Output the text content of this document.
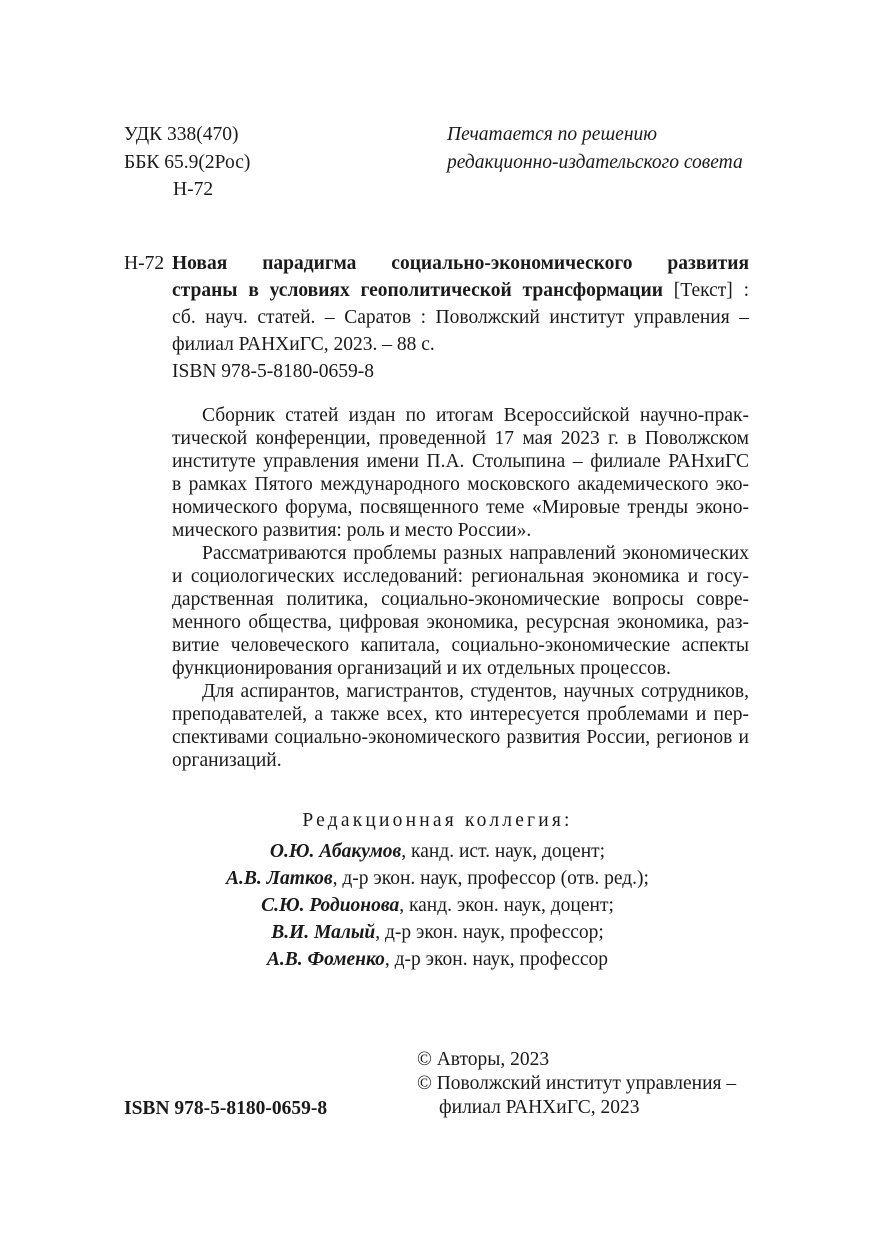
УДК 338(470)
ББК 65.9(2Рос)
Н-72
Печатается по решению
редакционно-издательского совета
Н-72 Новая парадигма социально-экономического развития

страны в условиях геополитической трансформации [Текст] :

сб. науч. статей. – Саратов : Поволжский институт управления –

филиал РАНХиГС, 2023. – 88 с.

ISBN 978-5-8180-0659-8

Сборник статей издан по итогам Всероссийской научно-прак-
тической конференции, проведенной 17 мая 2023 г. в Поволжском
институте управления имени П.А. Столыпина – филиале РАНхиГС
в рамках Пятого международного московского академического эко-
номического форума, посвященного теме «Мировые тренды эконо-
мического развития: роль и место России».
Рассматриваются проблемы разных направлений экономических
и социологических исследований: региональная экономика и госу-
дарственная политика, социально-экономические вопросы совре-
менного общества, цифровая экономика, ресурсная экономика, раз-
витие человеческого капитала, социально-экономические аспекты
функционирования организаций и их отдельных процессов.
Для аспирантов, магистрантов, студентов, научных сотрудников,
преподавателей, а также всех, кто интересуется проблемами и пер-
спективами социально-экономического развития России, регионов и
организаций.
Редакционная коллегия:
О.Ю. Абакумов, канд. ист. наук, доцент;
А.В. Латков, д-р экон. наук, профессор (отв. ред.);
С.Ю. Родионова, канд. экон. наук, доцент;
В.И. Малый, д-р экон. наук, профессор;
А.В. Фоменко, д-р экон. наук, профессор
© Авторы, 2023
© Поволжский институт управления –
филиал РАНХиГС, 2023
ISBN 978-5-8180-0659-8
